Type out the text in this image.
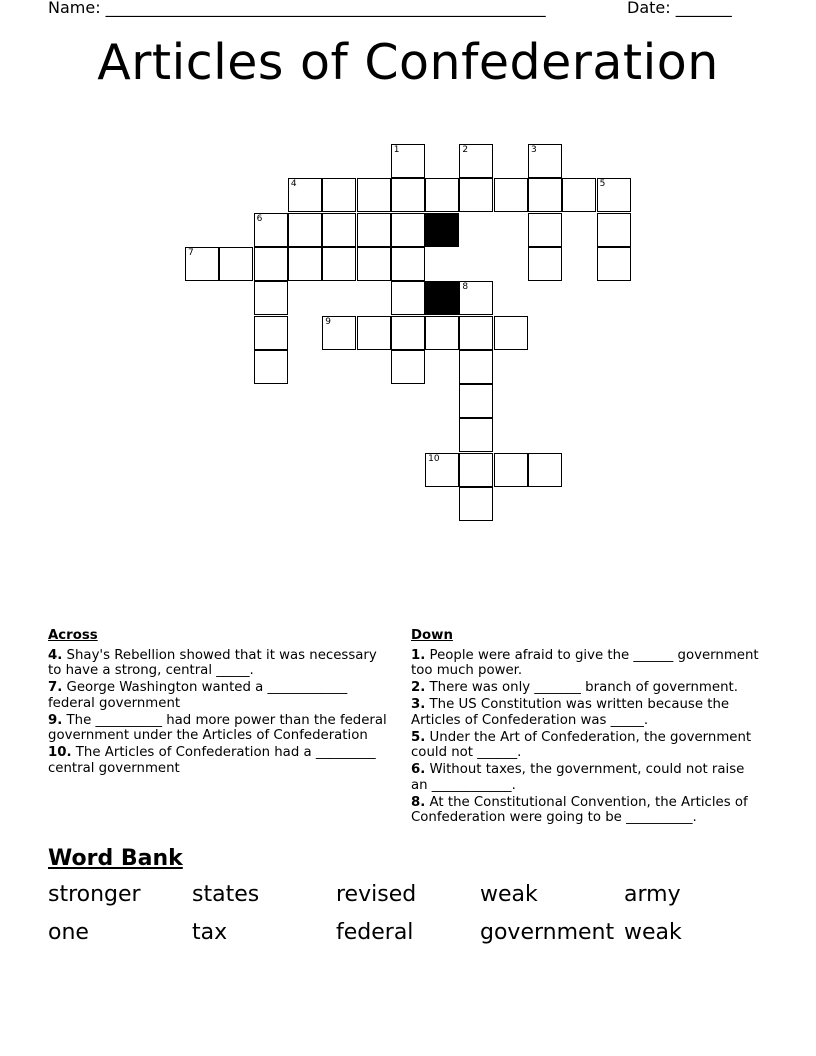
Name: _______________________________________________________	Date: _______
Articles of Confederation
1	2	3
4	5
6
7
8
9
10
Across
4. Shay's Rebellion showed that it was necessary to have a strong, central _____.
7. George Washington wanted a ____________ federal government
9. The __________ had more power than the federal government under the Articles of Confederation
10. The Articles of Confederation had a _________ central government
Down
1. People were afraid to give the ______ government too much power.
2. There was only _______ branch of government.
3. The US Constitution was written because the Articles of Confederation was _____.
5. Under the Art of Confederation, the government could not ______.
6. Without taxes, the government, could not raise an ____________.
8. At the Constitutional Convention, the Articles of Confederation were going to be __________.
Word Bank
stronger states	revised	weak	army
one	tax	federal	government weak
